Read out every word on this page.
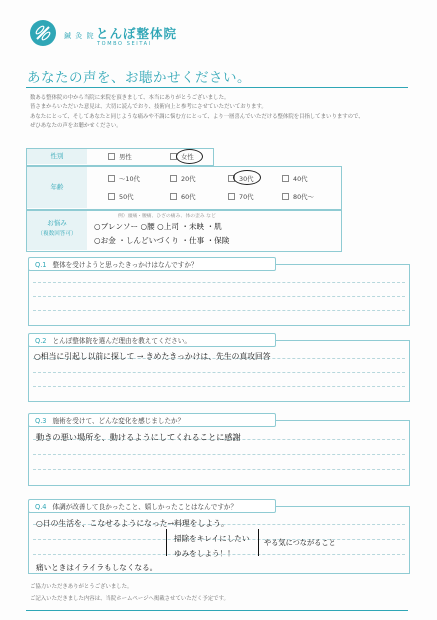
鍼 灸 院 とんぼ整体院
TOMBO SEITAI
あなたの声を、お聴かせください。
数ある整体院の中から当院に来院を頂きまして、本当にありがとうございました。
皆さまからいただいた意見は、大切に読んでおり、技術向上と参考にさせていただいております。
あなたにとって、そしてあなたと同じような痛みや不調に悩む方にとって、より一層喜んでいただける整体院を目指してまいりますので、
ぜひあなたの声をお聴かせください。
性別	男性	女性
年齢
〜10代	20代	30代	40代
50代	60代	70代	80代〜
お悩み
（複数回答可）
例）頭痛・腰痛、ひざの痛み、体の歪み など
○ブレンソー ○腰 ○上司 ・未映 ・肌
○お金 ・しんどいづくり ・仕事 ・保険
Q.1 整体を受けようと思ったきっかけはなんですか？
Q.2 とんぼ整体院を選んだ理由を教えてください。
○相当に引起し以前に探して → きめたきっかけは、先生の真攻回答
Q.3 施術を受けて、どんな変化を感じましたか？
動きの悪い場所を、動けるようにしてくれることに感謝
Q.4 体調が改善して良かったこと、嬉しかったことはなんですか？
○日の生活を、こなせるようになった→料理をしよう。
掃除をキレイにしたい やる気につながること
ゆみをしよう！！
痛いときはイライラもしなくなる。
ご協力いただきありがとうございました。
ご記入いただきました内容は、当院ホームページへ掲載させていただく予定です。
